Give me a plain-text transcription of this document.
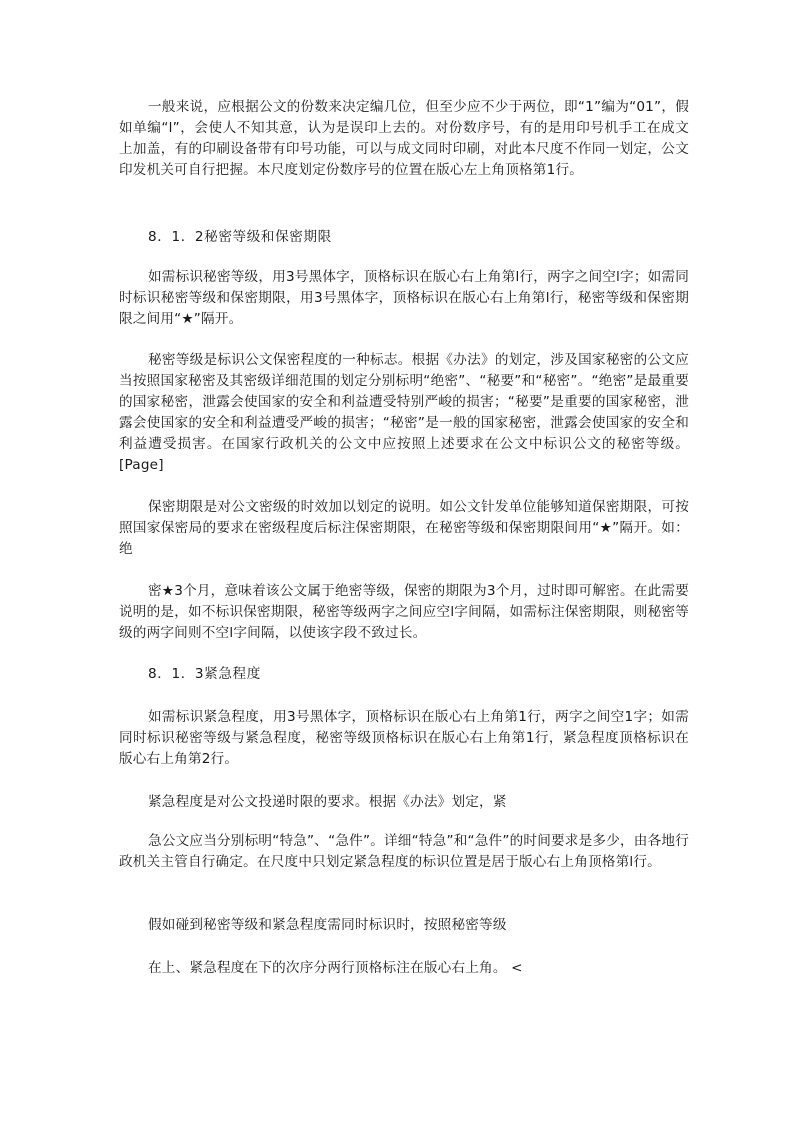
一般来说，应根据公文的份数来决定编几位，但至少应不少于两位，即“1”编为“01”，假如单编“l”，会使人不知其意，认为是误印上去的。对份数序号，有的是用印号机手工在成文上加盖，有的印刷设备带有印号功能，可以与成文同时印刷，对此本尺度不作同一划定，公文印发机关可自行把握。本尺度划定份数序号的位置在版心左上角顶格第1行。

8．1．2秘密等级和保密期限

如需标识秘密等级，用3号黑体字，顶格标识在版心右上角第l行，两字之间空l字；如需同时标识秘密等级和保密期限，用3号黑体字，顶格标识在版心右上角第l行，秘密等级和保密期限之间用“★”隔开。

秘密等级是标识公文保密程度的一种标志。根据《办法》的划定，涉及国家秘密的公文应当按照国家秘密及其密级详细范围的划定分别标明“绝密”、“秘要”和“秘密”。“绝密”是最重要的国家秘密，泄露会使国家的安全和利益遭受特别严峻的损害；“秘要”是重要的国家秘密，泄露会使国家的安全和利益遭受严峻的损害；“秘密”是一般的国家秘密，泄露会使国家的安全和利益遭受损害。在国家行政机关的公文中应按照上述要求在公文中标识公文的秘密等级。[Page]

保密期限是对公文密级的时效加以划定的说明。如公文针发单位能够知道保密期限，可按照国家保密局的要求在密级程度后标注保密期限，在秘密等级和保密期限间用“★”隔开。如：绝

密★3个月，意味着该公文属于绝密等级，保密的期限为3个月，过时即可解密。在此需要说明的是，如不标识保密期限，秘密等级两字之间应空l字间隔，如需标注保密期限，则秘密等级的两字间则不空l字间隔，以使该字段不致过长。

8．1．3紧急程度

如需标识紧急程度，用3号黑体字，顶格标识在版心右上角第1行，两字之间空1字；如需同时标识秘密等级与紧急程度，秘密等级顶格标识在版心右上角第1行，紧急程度顶格标识在版心右上角第2行。

紧急程度是对公文投递时限的要求。根据《办法》划定，紧

急公文应当分别标明“特急”、“急件”。详细“特急”和“急件”的时间要求是多少，由各地行政机关主管自行确定。在尺度中只划定紧急程度的标识位置是居于版心右上角顶格第l行。

假如碰到秘密等级和紧急程度需同时标识时，按照秘密等级

在上、紧急程度在下的次序分两行顶格标注在版心右上角。 <
